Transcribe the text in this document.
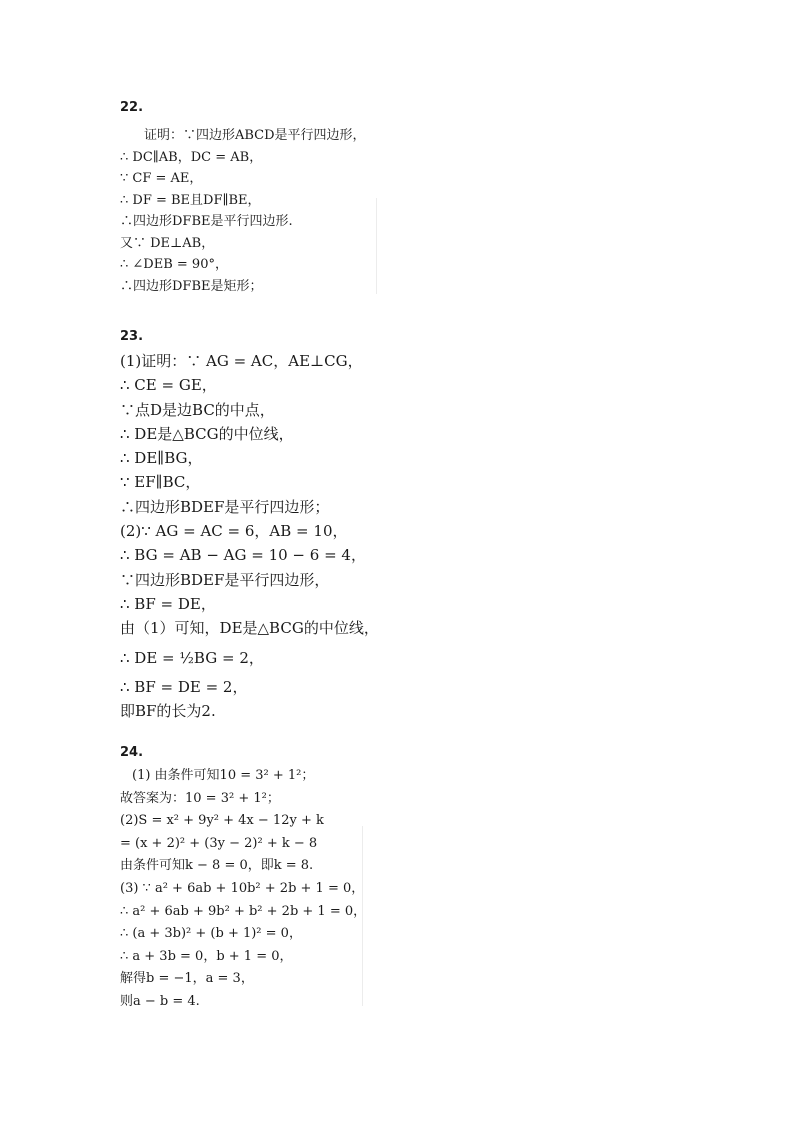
22.
证明：∵四边形ABCD是平行四边形，
∴ DC∥AB，DC = AB，
∵ CF = AE，
∴ DF = BE且DF∥BE，
∴四边形DFBE是平行四边形.
又∵ DE⊥AB，
∴ ∠DEB = 90°，
∴四边形DFBE是矩形；
23.
(1)证明：∵ AG = AC，AE⊥CG，
∴ CE = GE，
∵点D是边BC的中点，
∴ DE是△BCG的中位线，
∴ DE∥BG，
∵ EF∥BC，
∴四边形BDEF是平行四边形；
(2)∵ AG = AC = 6，AB = 10，
∴ BG = AB − AG = 10 − 6 = 4，
∵四边形BDEF是平行四边形，
∴ BF = DE，
由（1）可知，DE是△BCG的中位线，
∴ DE = ½BG = 2，
∴ BF = DE = 2，
即BF的长为2.
24.
(1) 由条件可知10 = 3² + 1²；
故答案为：10 = 3² + 1²；
(2)S = x² + 9y² + 4x − 12y + k
= (x + 2)² + (3y − 2)² + k − 8
由条件可知k − 8 = 0，即k = 8.
(3) ∵ a² + 6ab + 10b² + 2b + 1 = 0，
∴ a² + 6ab + 9b² + b² + 2b + 1 = 0，
∴ (a + 3b)² + (b + 1)² = 0，
∴ a + 3b = 0，b + 1 = 0，
解得b = −1，a = 3，
则a − b = 4.
